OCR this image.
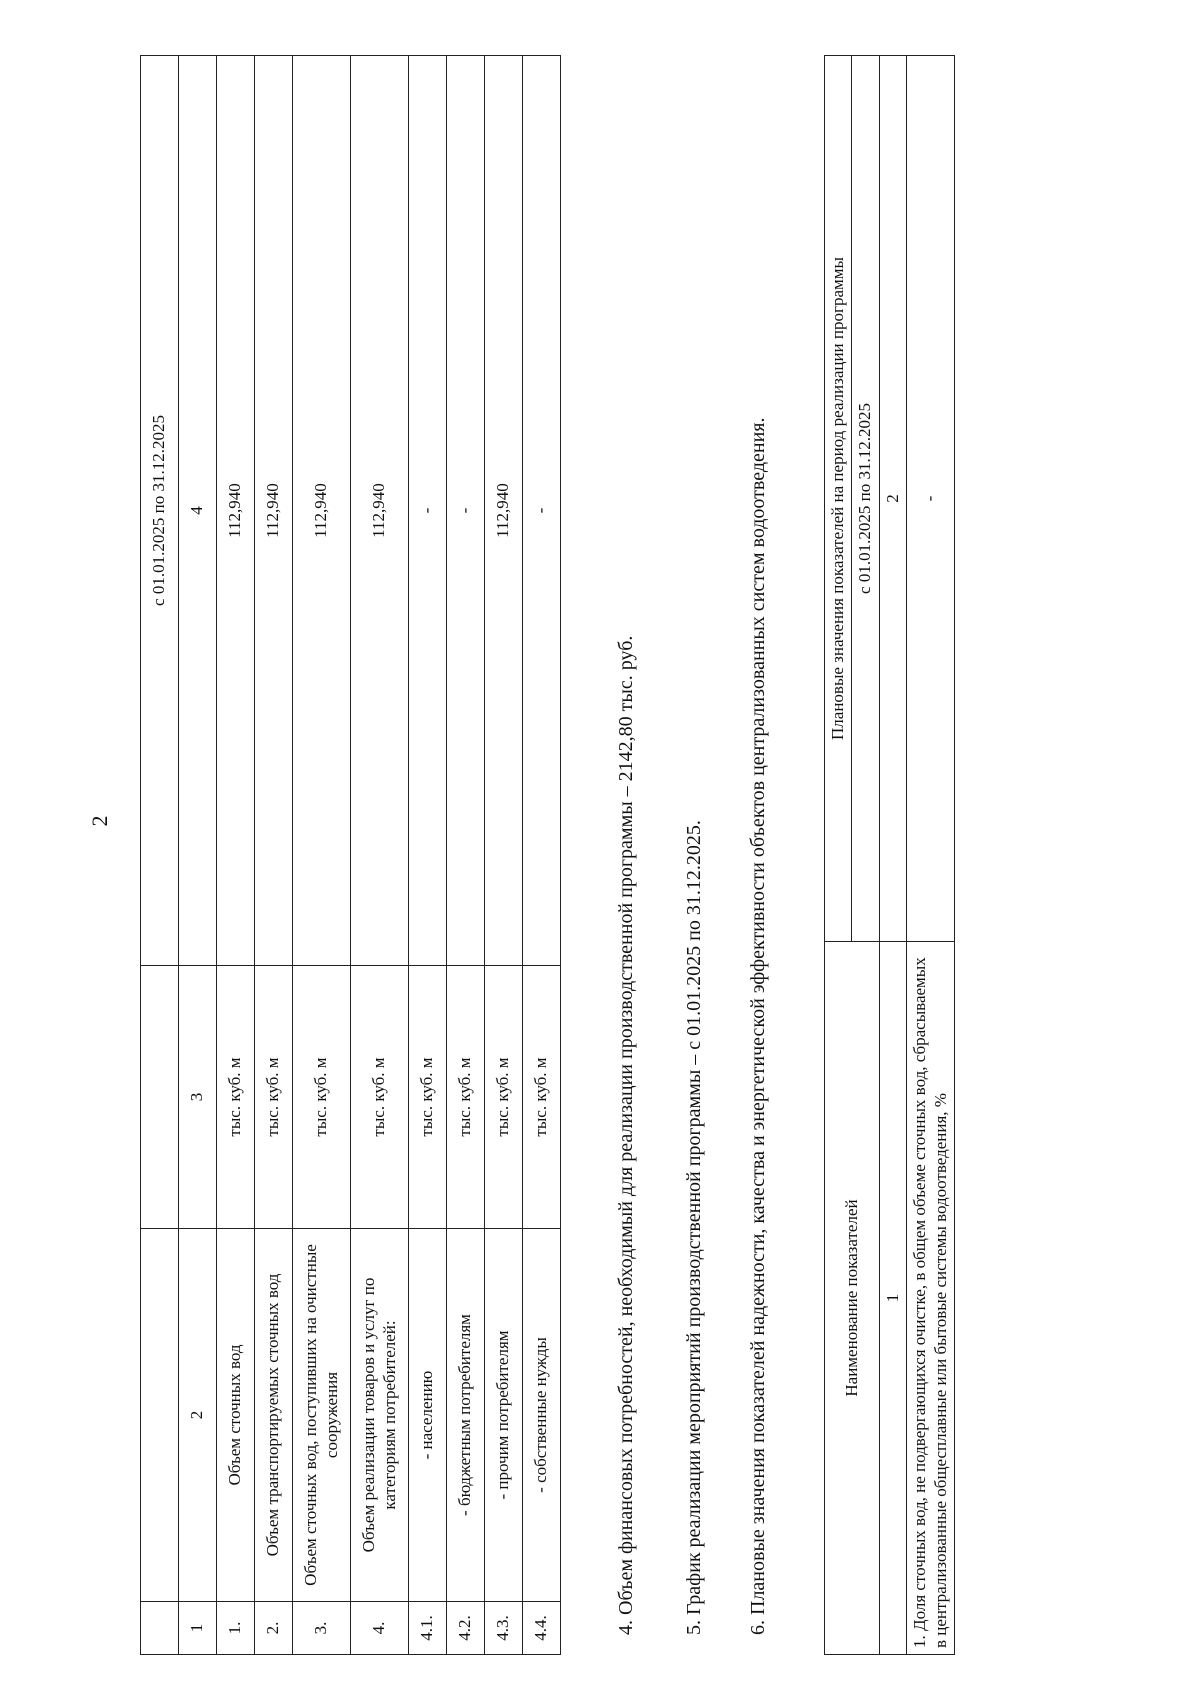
2
			с 01.01.2025 по 31.12.2025
1	2	3	4
1.	Объем сточных вод	тыс. куб. м	112,940
2.	Объем транспортируемых сточных вод	тыс. куб. м	112,940
3.	Объем сточных вод, поступивших на очистные сооружения	тыс. куб. м	112,940
4.	Объем реализации товаров и услуг по категориям потребителей:	тыс. куб. м	112,940
4.1.	- населению	тыс. куб. м	-
4.2.	- бюджетным потребителям	тыс. куб. м	-
4.3.	- прочим потребителям	тыс. куб. м	112,940
4.4.	- собственные нужды	тыс. куб. м	-
4. Объем финансовых потребностей, необходимый для реализации производственной программы – 2142,80 тыс. руб. 5. График реализации мероприятий производственной программы – с 01.01.2025 по 31.12.2025. 6. Плановые значения показателей надежности, качества и энергетической эффективности объектов централизованных систем водоотведения.	Наименование показателей	Плановые значения показателей на период реализации программы
	с 01.01.2025 по 31.12.2025
1	2
1. Доля сточных вод, не подвергающихся очистке, в общем объеме сточных вод, сбрасываемых в централизованные общесплавные или бытовые системы водоотведения, %	-
